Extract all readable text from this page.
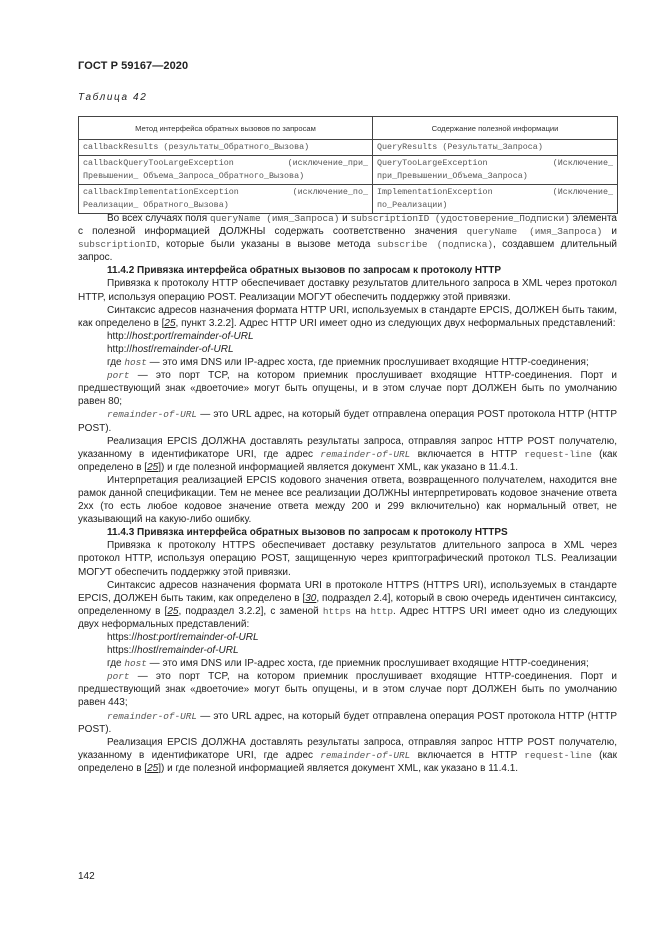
ГОСТ Р 59167—2020
Таблица 42
Метод интерфейса обратных вызовов по запросам	Содержание полезной информации
callbackResults (результаты_Обратного_Вызова)	QueryResults (Результаты_Запроса)
callbackQueryTooLargeException (исключение_при_ Превышении_ Объема_Запроса_Обратного_Вызова)	QueryTooLargeException (Исключение_ при_Превышении_Объема_Запроса)
callbackImplementationException (исключение_по_ Реализации_ Обратного_Вызова)	ImplementationException (Исключение_ по_Реализации)

Во всех случаях поля queryName (имя_Запроса) и subscriptionID (удостоверение_Подписки) элемента с полезной информацией ДОЛЖНЫ содержать соответственно значения queryName (имя_Запроса) и subscriptionID, которые были указаны в вызове метода subscribe (подписка), создавшем длительный запрос.

11.4.2 Привязка интерфейса обратных вызовов по запросам к протоколу HTTP

Привязка к протоколу HTTP обеспечивает доставку результатов длительного запроса в XML через протокол HTTP, используя операцию POST. Реализации МОГУТ обеспечить поддержку этой привязки.

Синтаксис адресов назначения формата HTTP URI, используемых в стандарте EPCIS, ДОЛЖЕН быть таким, как определено в [25, пункт 3.2.2]. Адрес HTTP URI имеет одно из следующих двух неформальных представлений:

http://host:port/remainder-of-URL

http://host/remainder-of-URL

где host — это имя DNS или IP-адрес хоста, где приемник прослушивает входящие HTTP-соединения;

port — это порт TCP, на котором приемник прослушивает входящие HTTP-соединения. Порт и предшествующий знак «двоеточие» могут быть опущены, и в этом случае порт ДОЛЖЕН быть по умолчанию равен 80;

remainder-of-URL — это URL адрес, на который будет отправлена операция POST протокола HTTP (HTTP POST).

Реализация EPCIS ДОЛЖНА доставлять результаты запроса, отправляя запрос HTTP POST получателю, указанному в идентификаторе URI, где адрес remainder-of-URL включается в HTTP request-line (как определено в [25]) и где полезной информацией является документ XML, как указано в 11.4.1.

Интерпретация реализацией EPCIS кодового значения ответа, возвращенного получателем, находится вне рамок данной спецификации. Тем не менее все реализации ДОЛЖНЫ интерпретировать кодовое значение ответа 2хх (то есть любое кодовое значение ответа между 200 и 299 включительно) как нормальный ответ, не указывающий на какую-либо ошибку.

11.4.3 Привязка интерфейса обратных вызовов по запросам к протоколу HTTPS

Привязка к протоколу HTTPS обеспечивает доставку результатов длительного запроса в XML через протокол HTTP, используя операцию POST, защищенную через криптографический протокол TLS. Реализации МОГУТ обеспечить поддержку этой привязки.

Синтаксис адресов назначения формата URI в протоколе HTTPS (HTTPS URI), используемых в стандарте EPCIS, ДОЛЖЕН быть таким, как определено в [30, подраздел 2.4], который в свою очередь идентичен синтаксису, определенному в [25, подраздел 3.2.2], с заменой https на http. Адрес HTTPS URI имеет одно из следующих двух неформальных представлений:

https://host:port/remainder-of-URL

https://host/remainder-of-URL

где host — это имя DNS или IP-адрес хоста, где приемник прослушивает входящие HTTP-соединения;

port — это порт TCP, на котором приемник прослушивает входящие HTTP-соединения. Порт и предшествующий знак «двоеточие» могут быть опущены, и в этом случае порт ДОЛЖЕН быть по умолчанию равен 443;

remainder-of-URL — это URL адрес, на который будет отправлена операция POST протокола HTTP (HTTP POST).

Реализация EPCIS ДОЛЖНА доставлять результаты запроса, отправляя запрос HTTP POST получателю, указанному в идентификаторе URI, где адрес remainder-of-URL включается в HTTP request-line (как определено в [25]) и где полезной информацией является документ XML, как указано в 11.4.1.

142
